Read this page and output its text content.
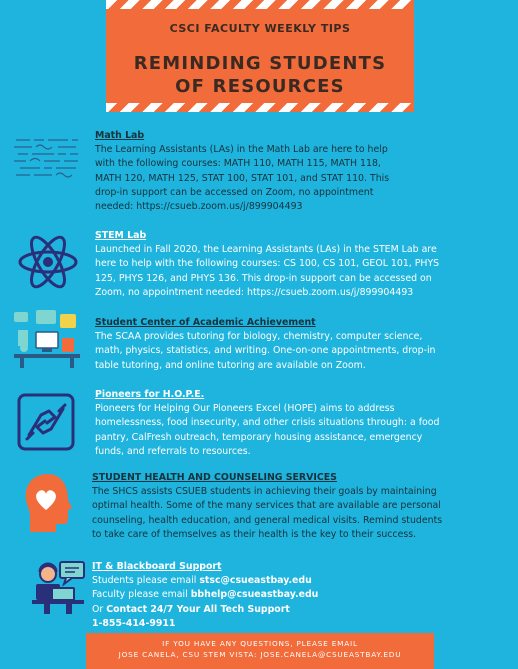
CSCI FACULTY WEEKLY TIPS
REMINDING STUDENTS
OF RESOURCES
Math Lab
The Learning Assistants (LAs) in the Math Lab are here to help
with the following courses: MATH 110, MATH 115, MATH 118,
MATH 120, MATH 125, STAT 100, STAT 101, and STAT 110. This
drop-in support can be accessed on Zoom, no appointment
needed: https://csueb.zoom.us/j/899904493
STEM Lab
Launched in Fall 2020, the Learning Assistants (LAs) in the STEM Lab are
here to help with the following courses: CS 100, CS 101, GEOL 101, PHYS
125, PHYS 126, and PHYS 136. This drop-in support can be accessed on
Zoom, no appointment needed: https://csueb.zoom.us/j/899904493
Student Center of Academic Achievement
The SCAA provides tutoring for biology, chemistry, computer science,
math, physics, statistics, and writing. One-on-one appointments, drop-in
table tutoring, and online tutoring are available on Zoom.
Pioneers for H.O.P.E.
Pioneers for Helping Our Pioneers Excel (HOPE) aims to address
homelessness, food insecurity, and other crisis situations through: a food
pantry, CalFresh outreach, temporary housing assistance, emergency
funds, and referrals to resources.
STUDENT HEALTH AND COUNSELING SERVICES
The SHCS assists CSUEB students in achieving their goals by maintaining
optimal health. Some of the many services that are available are personal
counseling, health education, and general medical visits. Remind students
to take care of themselves as their health is the key to their success.
IT & Blackboard Support
Students please email stsc@csueastbay.edu
Faculty please email bbhelp@csueastbay.edu
Or Contact 24/7 Your All Tech Support
1-855-414-9911
IF YOU HAVE ANY QUESTIONS, PLEASE EMAIL
JOSE CANELA, CSU STEM VISTA: JOSE.CANELA@CSUEASTBAY.EDU
